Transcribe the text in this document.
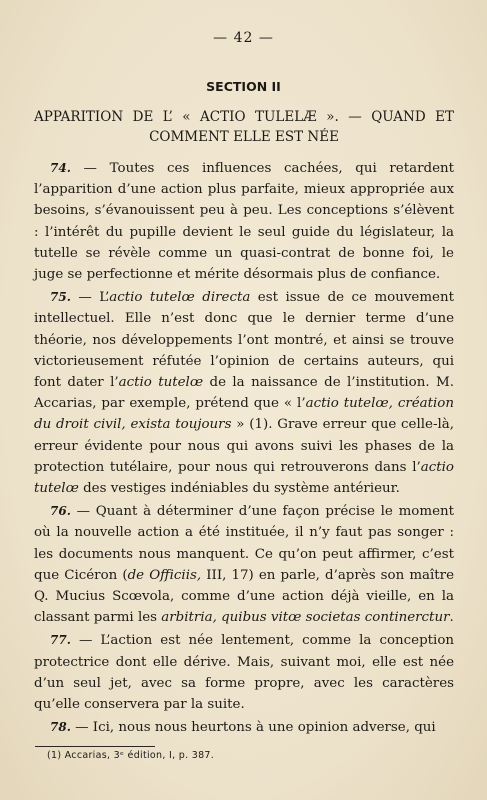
— 42 —
SECTION II
APPARITION DE L’ « ACTIO TULELÆ ». — QUAND ET
COMMENT ELLE EST NÉE

74. — Toutes ces influences cachées, qui retardent l’apparition d’une action plus parfaite, mieux appropriée aux besoins, s’évanouissent peu à peu. Les conceptions s’élèvent : l’intérêt du pupille devient le seul guide du législateur, la tutelle se révèle comme un quasi-contrat de bonne foi, le juge se perfectionne et mérite désormais plus de confiance.

75. — L’actio tutelœ directa est issue de ce mouvement intellectuel. Elle n’est donc que le dernier terme d’une théorie, nos développements l’ont montré, et ainsi se trouve victorieusement réfutée l’opinion de certains auteurs, qui font dater l’actio tutelœ de la naissance de l’institution. M. Accarias, par exemple, prétend que « l’actio tutelœ, création du droit civil, exista toujours » (1). Grave erreur que celle-là, erreur évidente pour nous qui avons suivi les phases de la protection tutélaire, pour nous qui retrouverons dans l’actio tutelœ des vestiges indéniables du système antérieur.

76. — Quant à déterminer d’une façon précise le moment où la nouvelle action a été instituée, il n’y faut pas songer : les documents nous manquent. Ce qu’on peut affirmer, c’est que Cicéron (de Officiis, III, 17) en parle, d’après son maître Q. Mucius Scœvola, comme d’une action déjà vieille, en la classant parmi les arbitria, quibus vitœ societas continerctur.

77. — L’action est née lentement, comme la conception protectrice dont elle dérive. Mais, suivant moi, elle est née d’un seul jet, avec sa forme propre, avec les caractères qu’elle conservera par la suite.

78. — Ici, nous nous heurtons à une opinion adverse, qui

(1) Accarias, 3ᵉ édition, I, p. 387.
